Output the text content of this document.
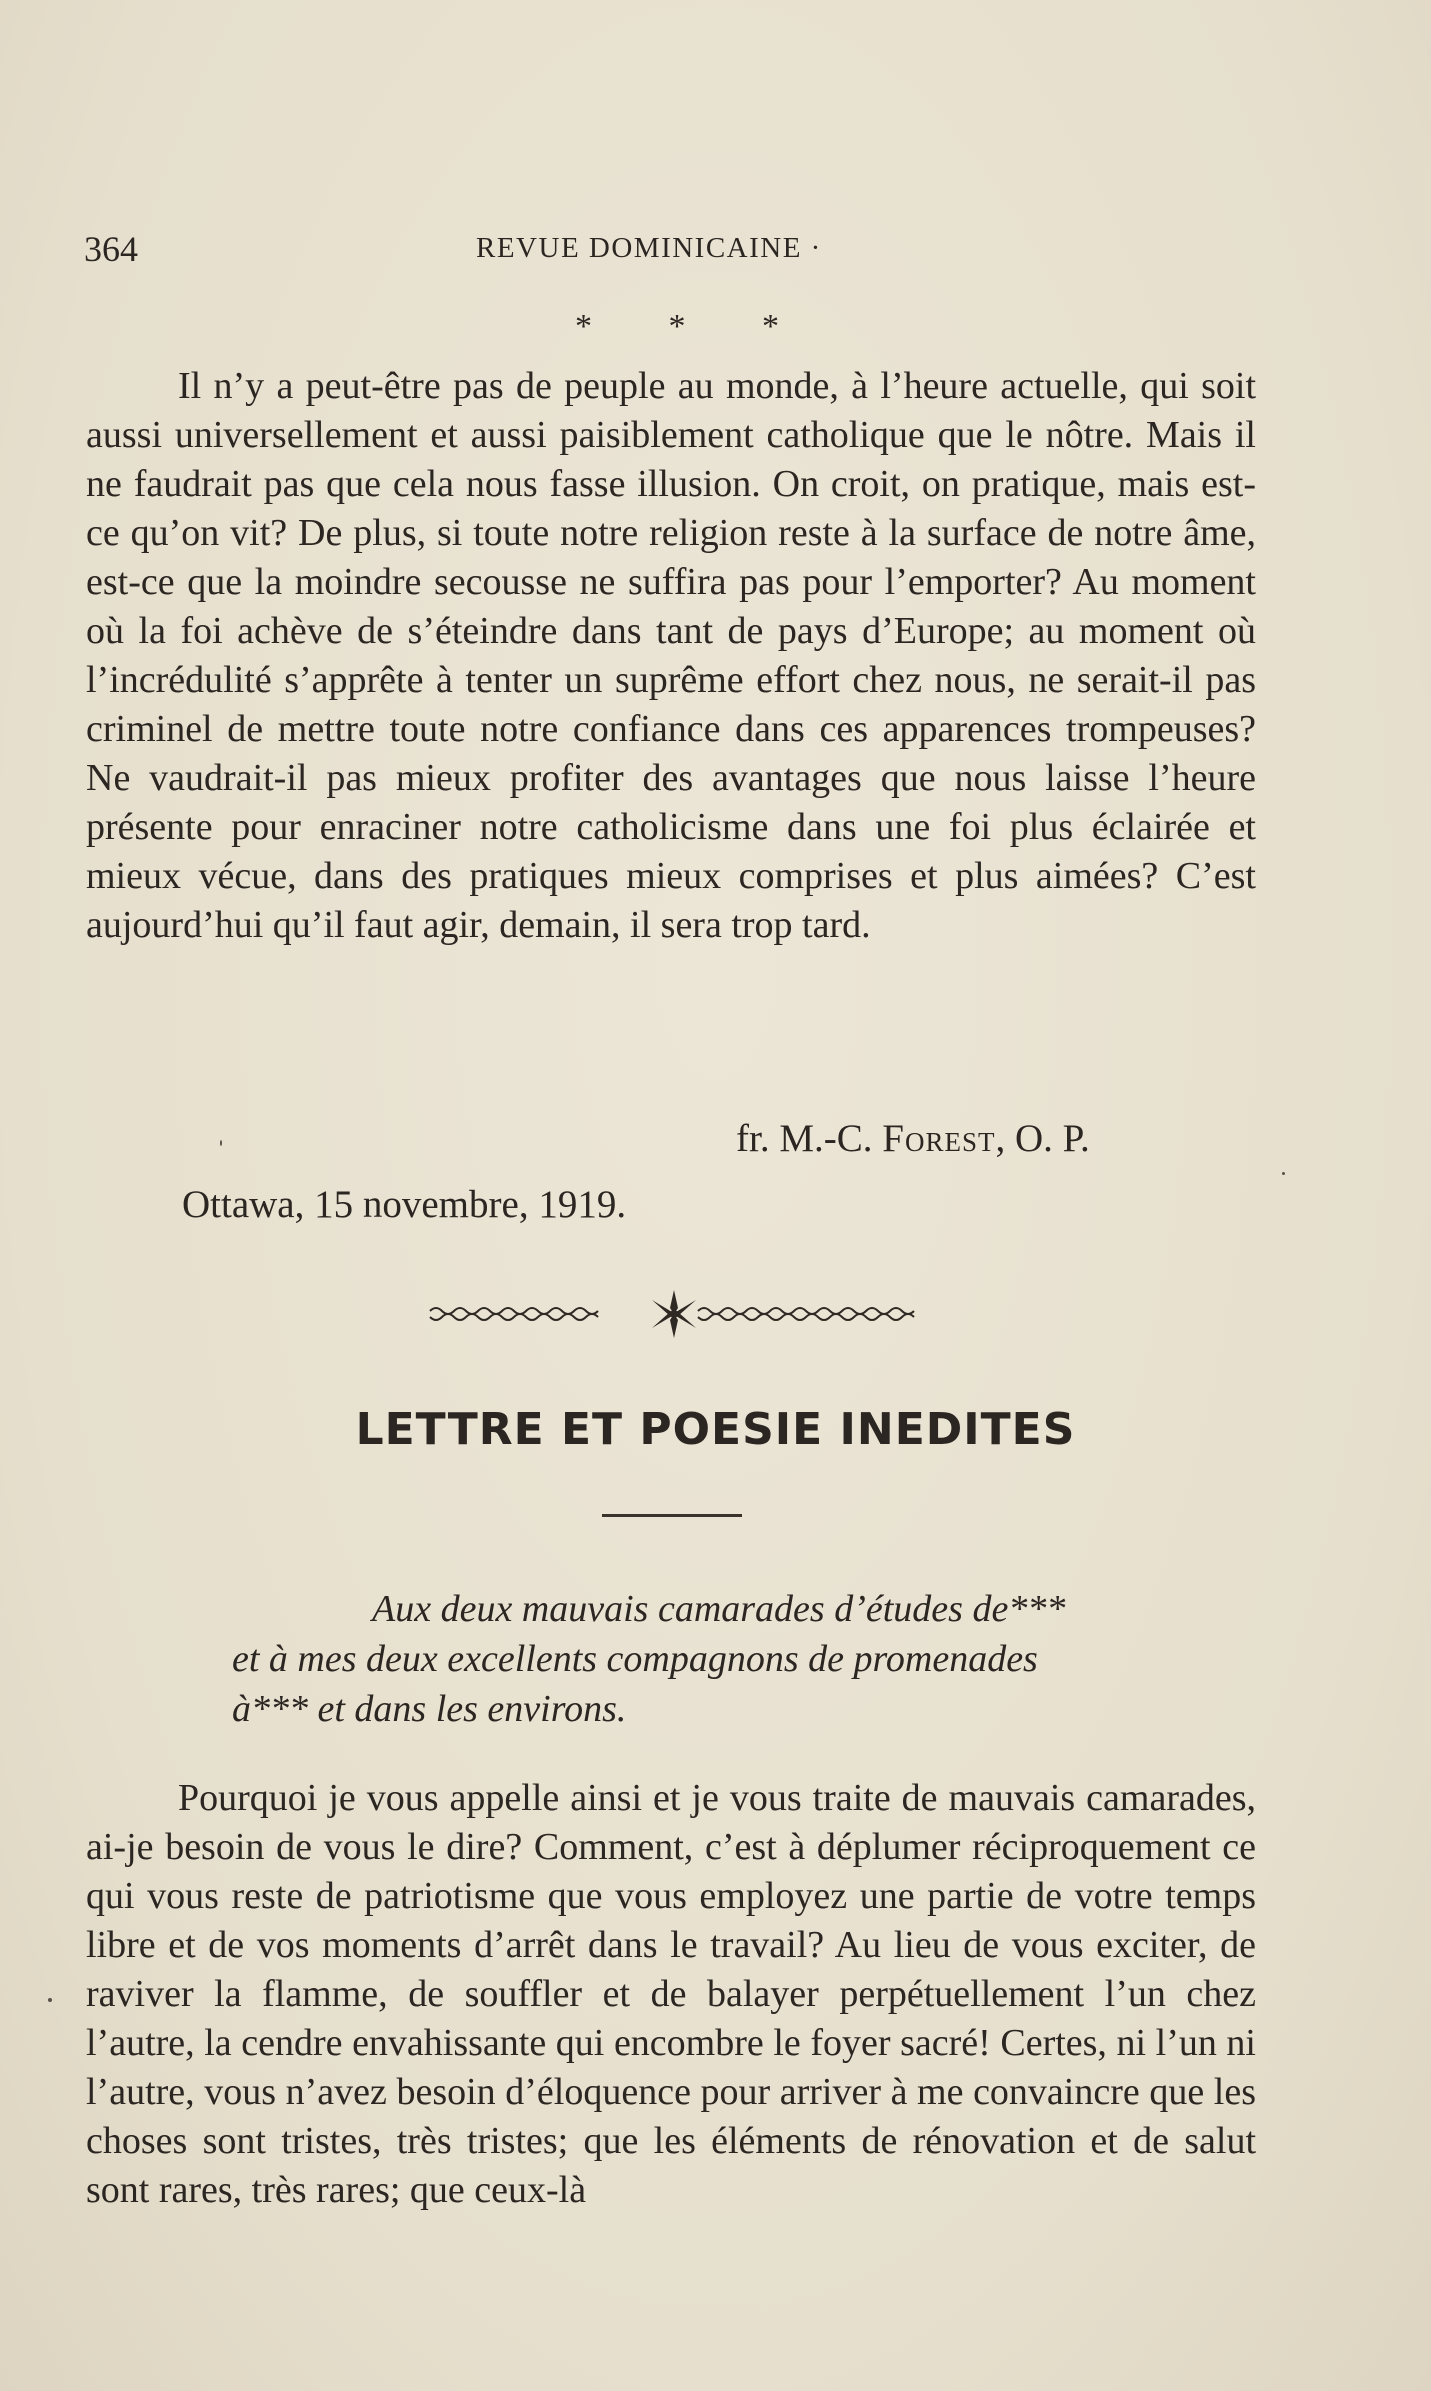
364	REVUE DOMINICAINE ·
* * *

Il n’y a peut-être pas de peuple au monde, à l’heure actuelle, qui soit aussi universellement et aussi paisiblement catholique que le nôtre. Mais il ne faudrait pas que cela nous fasse illusion. On croit, on pratique, mais est-ce qu’on vit? De plus, si toute notre religion reste à la surface de notre âme, est-ce que la moindre secousse ne suffira pas pour l’emporter? Au moment où la foi achève de s’éteindre dans tant de pays d’Europe; au moment où l’incrédulité s’apprête à tenter un suprême effort chez nous, ne serait-il pas criminel de mettre toute notre confiance dans ces apparences trompeuses? Ne vaudrait-il pas mieux profiter des avantages que nous laisse l’heure présente pour enraciner notre catholicisme dans une foi plus éclairée et mieux vécue, dans des pratiques mieux comprises et plus aimées? C’est aujourd’hui qu’il faut agir, demain, il sera trop tard.

fr. M.-C. Forest, O. P.
Ottawa, 15 novembre, 1919.
LETTRE ET POESIE INEDITES
Aux deux mauvais camarades d’études de***
et à mes deux excellents compagnons de promenades
à*** et dans les environs.

Pourquoi je vous appelle ainsi et je vous traite de mauvais camarades, ai-je besoin de vous le dire? Comment, c’est à déplumer réciproquement ce qui vous reste de patriotisme que vous employez une partie de votre temps libre et de vos moments d’arrêt dans le travail? Au lieu de vous exciter, de raviver la flamme, de souffler et de balayer perpétuellement l’un chez l’autre, la cendre envahissante qui encombre le foyer sacré! Certes, ni l’un ni l’autre, vous n’avez besoin d’éloquence pour arriver à me convaincre que les choses sont tristes, très tristes; que les éléments de rénovation et de salut sont rares, très rares; que ceux-là
